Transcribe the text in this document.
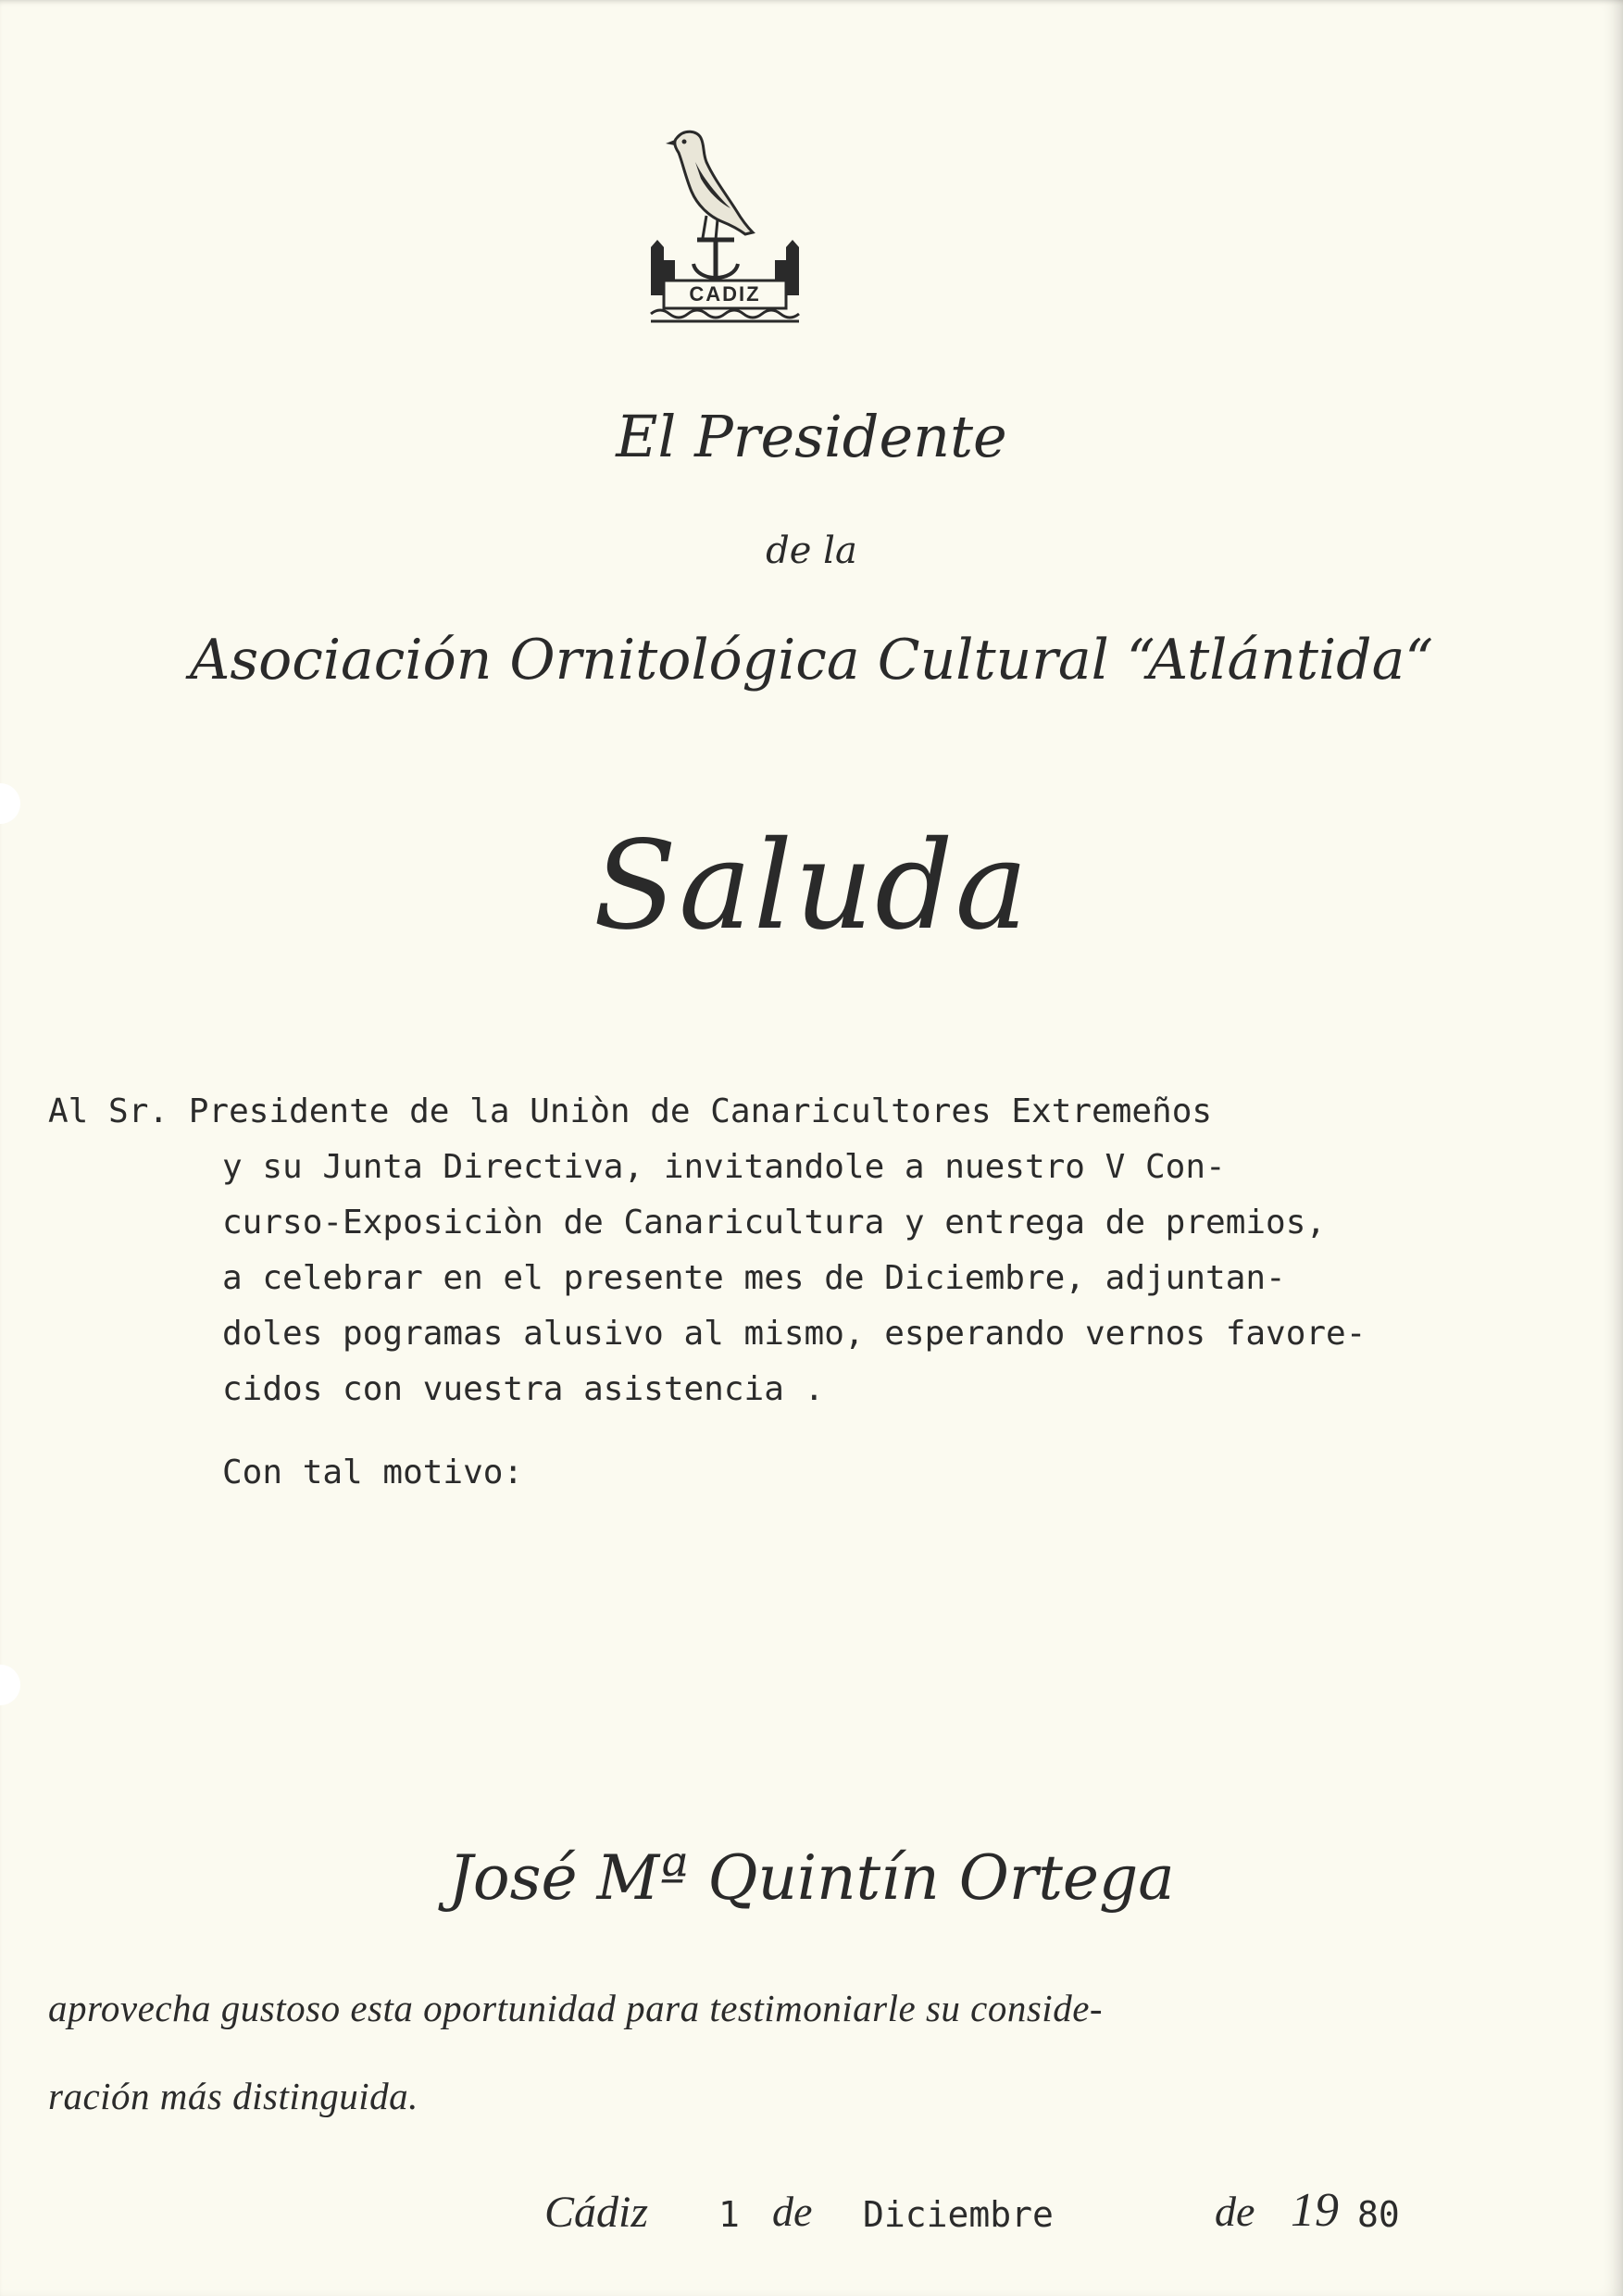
CADIZ
El Presidente
de la
Asociación Ornitológica Cultural “Atlántida“
Saluda
Al Sr. Presidente de la Uniòn de Canaricultores Extremeños
y su Junta Directiva, invitandole a nuestro V Con-
curso-Exposiciòn de Canaricultura y entrega de premios,
a celebrar en el presente mes de Diciembre, adjuntan-
doles pogramas alusivo al mismo, esperando vernos favore-
cidos con vuestra asistencia .
Con tal motivo:
José Mª Quintín Ortega
aprovecha gustoso esta oportunidad para testimoniarle su conside-
ración más distinguida.
Cádiz 1 de Diciembre	de 19 80
